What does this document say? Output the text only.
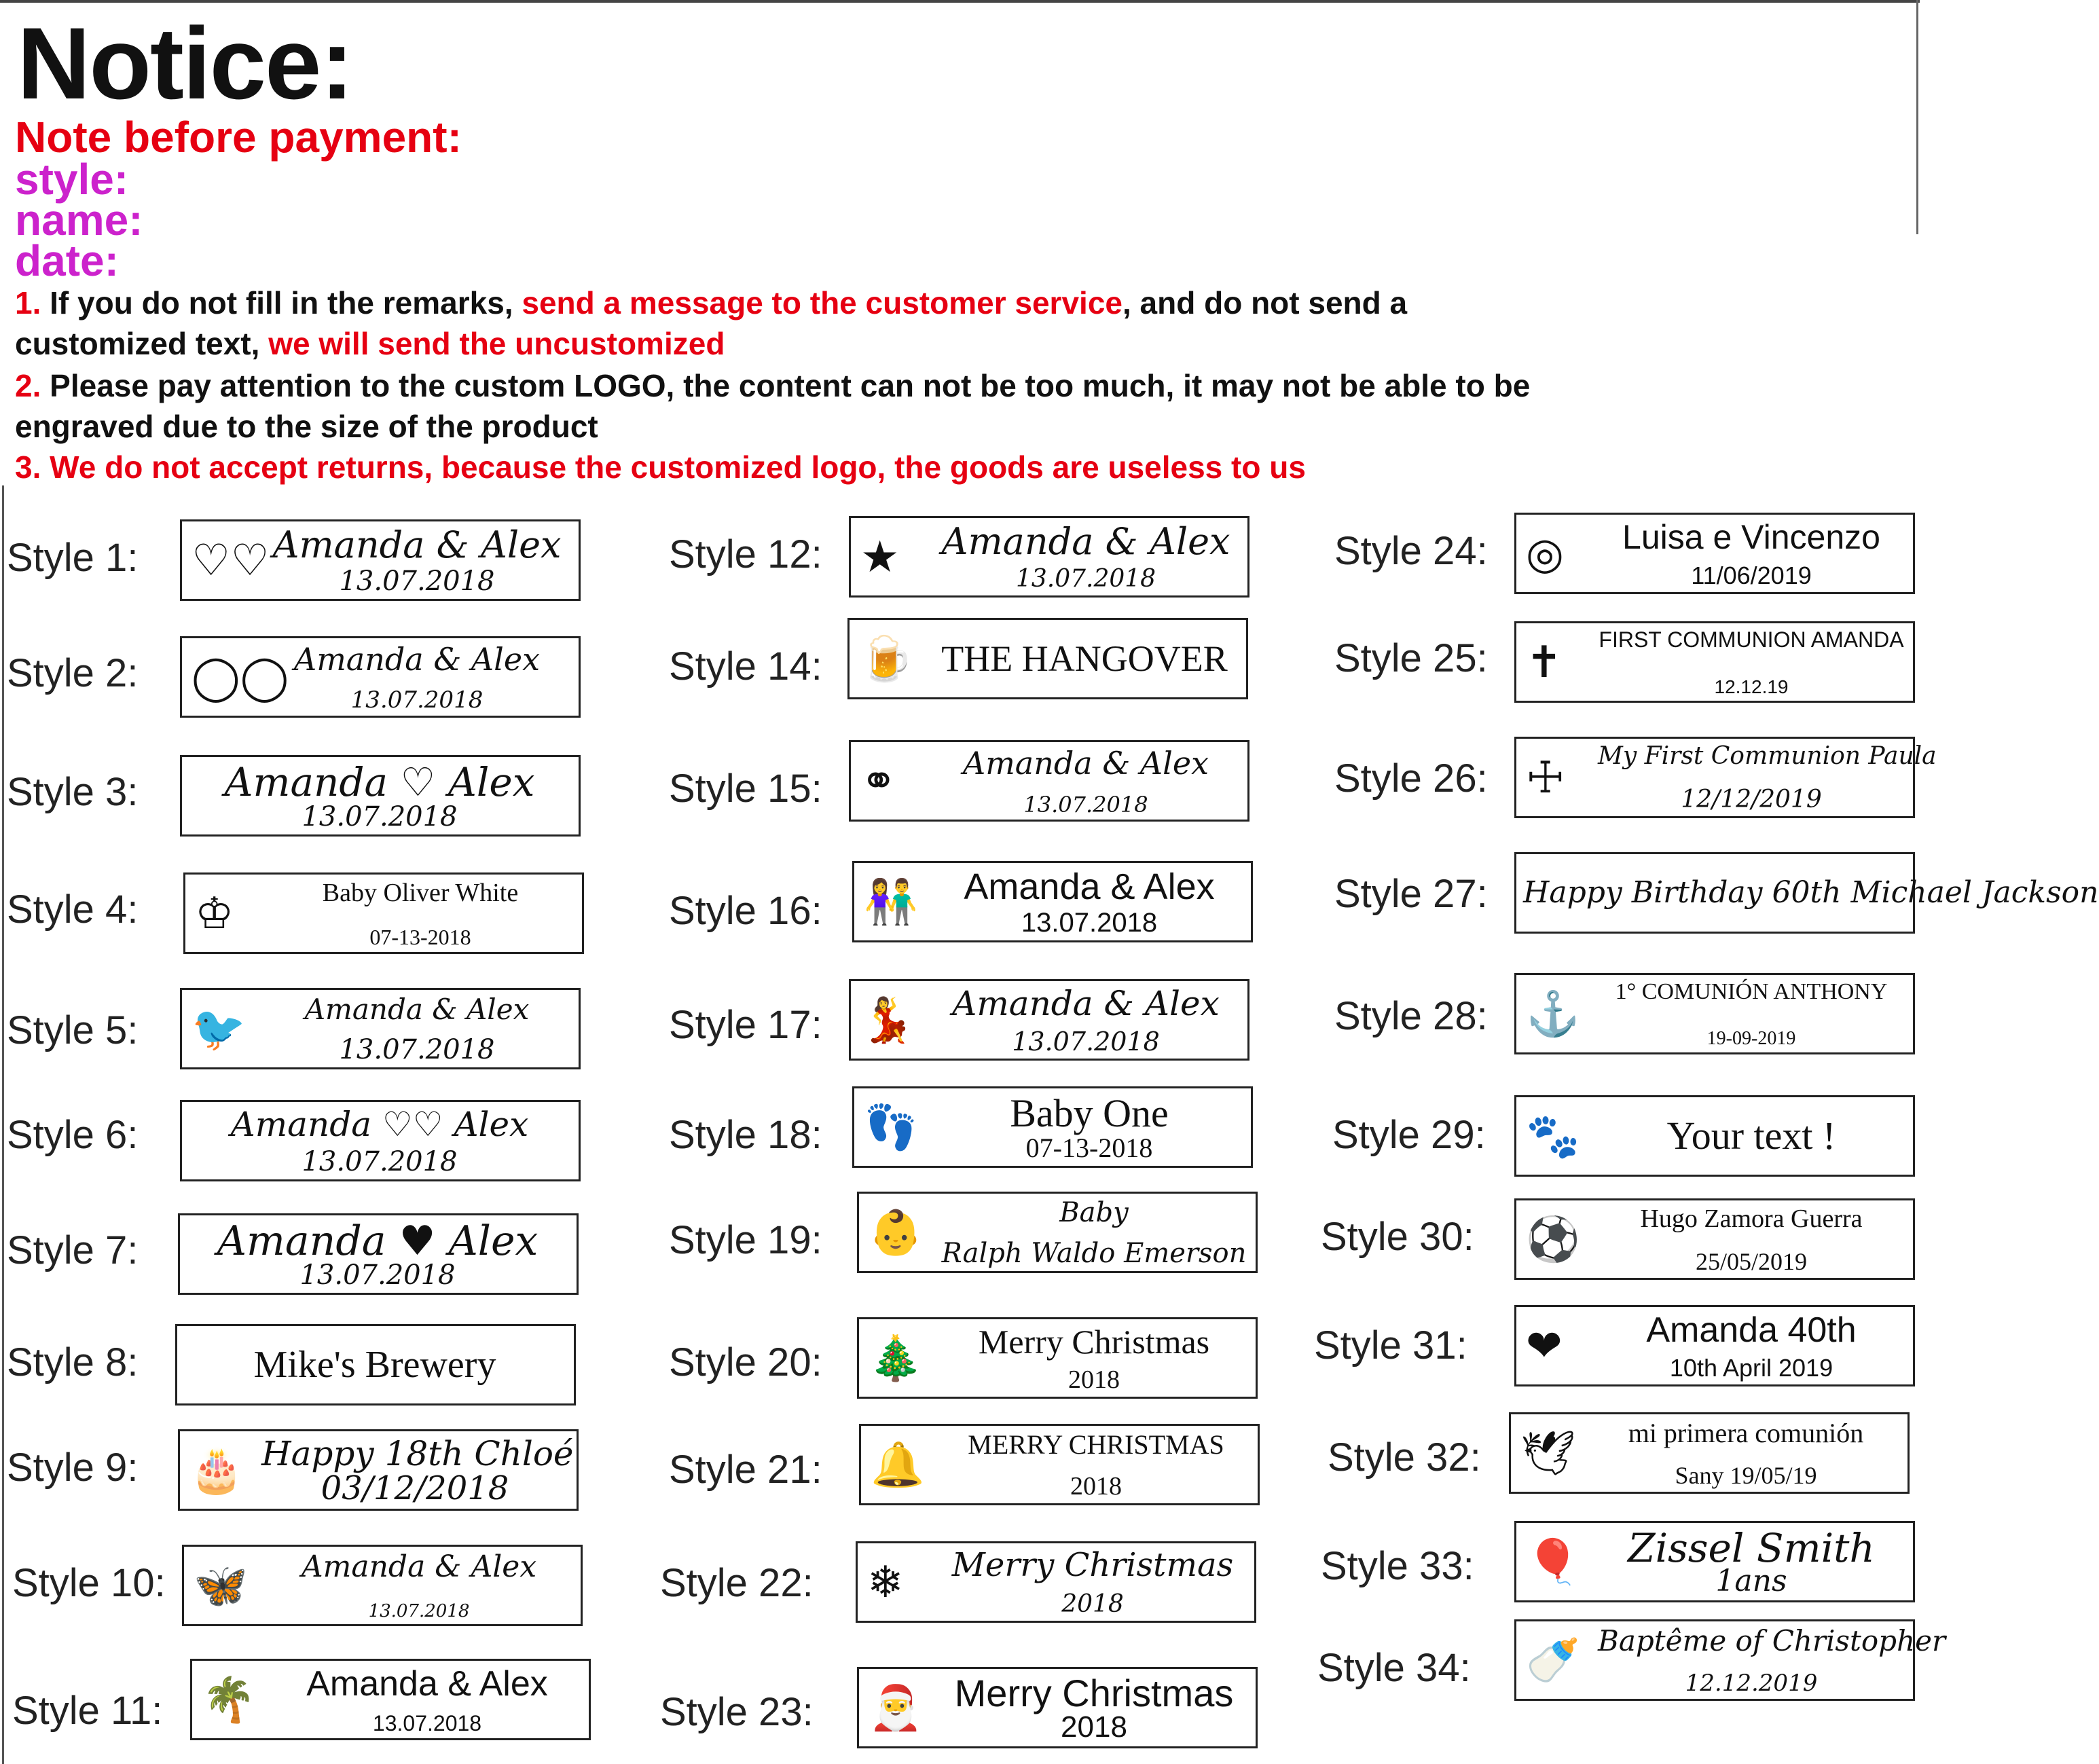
Notice:
Note before payment:
style:
name:
date:
1. If you do not fill in the remarks, send a message to the customer service, and do not send a
customized text, we will send the uncustomized
2. Please pay attention to the custom LOGO, the content can not be too much, it may not be able to be
engraved due to the size of the product
3. We do not accept returns, because the customized logo, the goods are useless to us
Style 1: ♡♡ Amanda & Alex
13.07.2018
Style 2: ◯◯ Amanda & Alex
13.07.2018
Style 3:	Amanda ♡ Alex
13.07.2018
Style 4: ♔	Baby Oliver White
07-13-2018
Style 5: 🐦	Amanda & Alex
13.07.2018
Style 6:	Amanda ♡♡ Alex
13.07.2018
Style 7:	Amanda ♥ Alex
13.07.2018
Style 8:	Mike's Brewery
Style 9: 🎂 Happy 18th Chloé
03/12/2018
Style 10: 🦋	Amanda & Alex
13.07.2018
Style 11: 🌴	Amanda & Alex
13.07.2018
Style 12: ★ Amanda & Alex
13.07.2018
Style 14: 🍺 THE HANGOVER
Style 15: ⚭	Amanda & Alex
13.07.2018
Style 16: 👫	Amanda & Alex
13.07.2018
Style 17: 💃	Amanda & Alex
13.07.2018
Style 18: 👣	Baby One
07-13-2018
Style 19: 👶	Baby
Ralph Waldo Emerson
Style 20: 🎄	Merry Christmas
2018
Style 21: 🔔	MERRY CHRISTMAS
2018
Style 22: ❄	Merry Christmas
2018
Style 23: 🎅 Merry Christmas
2018
Style 24: ◎	Luisa e Vincenzo
11/06/2019
Style 25: ✝ FIRST COMMUNION AMANDA
12.12.19
Style 26: ☩ My First Communion Paula
12/12/2019
Style 27: Happy Birthday 60th Michael Jackson
Style 28: ⚓	1° COMUNIÓN ANTHONY
19-09-2019
Style 29: 🐾	Your text !
Style 30: ⚽	Hugo Zamora Guerra
25/05/2019
Style 31: ❤	Amanda 40th
10th April 2019
Style 32: 🕊	mi primera comunión
Sany 19/05/19
Style 33: 🎈	Zissel Smith
1ans
Style 34: 🍼 Baptême of Christopher
12.12.2019
